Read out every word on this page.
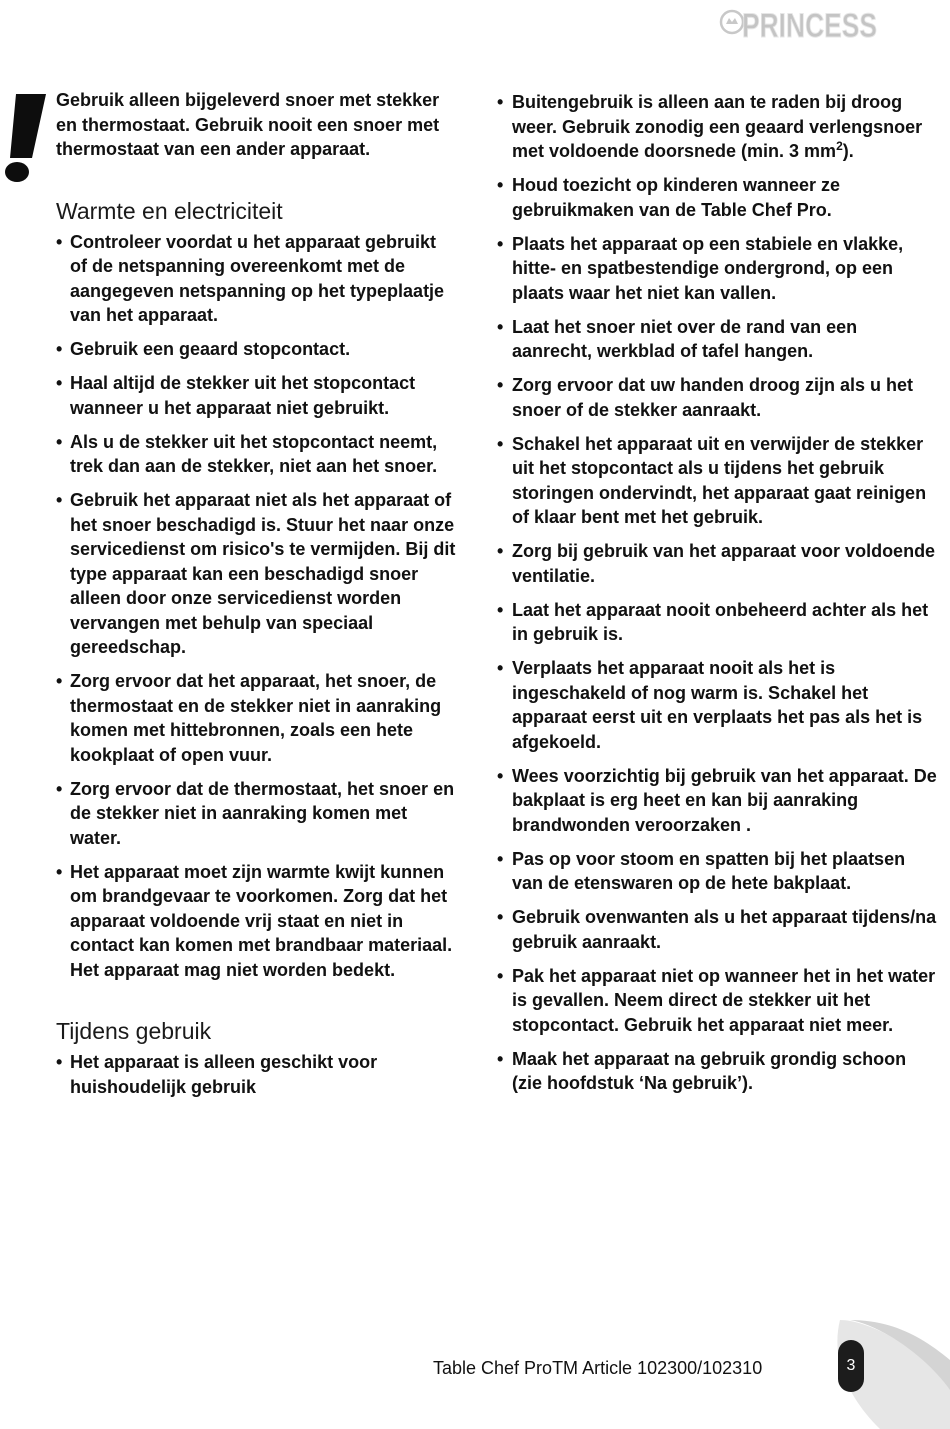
PRINCESS

Gebruik alleen bijgeleverd snoer met stekker en thermostaat. Gebruik nooit een snoer met thermostaat van een ander apparaat.

Warmte en electriciteit
• Controleer voordat u het apparaat gebruikt of de netspanning overeenkomt met de aangegeven netspanning op het typeplaatje van het apparaat.
• Gebruik een geaard stopcontact.
• Haal altijd de stekker uit het stopcontact wanneer u het apparaat niet gebruikt.
• Als u de stekker uit het stopcontact neemt, trek dan aan de stekker, niet aan het snoer.
• Gebruik het apparaat niet als het apparaat of het snoer beschadigd is. Stuur het naar onze servicedienst om risico's te vermijden. Bij dit type apparaat kan een beschadigd snoer alleen door onze servicedienst worden vervangen met behulp van speciaal gereedschap.
• Zorg ervoor dat het apparaat, het snoer, de thermostaat en de stekker niet in aanraking komen met hittebronnen, zoals een hete kookplaat of open vuur.
• Zorg ervoor dat de thermostaat, het snoer en de stekker niet in aanraking komen met water.
• Het apparaat moet zijn warmte kwijt kunnen om brandgevaar te voorkomen. Zorg dat het apparaat voldoende vrij staat en niet in contact kan komen met brandbaar materiaal. Het apparaat mag niet worden bedekt.
Tijdens gebruik
• Het apparaat is alleen geschikt voor huishoudelijk gebruik
• Buitengebruik is alleen aan te raden bij droog weer. Gebruik zonodig een geaard verlengsnoer met voldoende doorsnede (min. 3 $mm^2$).
• Houd toezicht op kinderen wanneer ze gebruikmaken van de Table Chef Pro.
• Plaats het apparaat op een stabiele en vlakke, hitte- en spatbestendige ondergrond, op een plaats waar het niet kan vallen.
• Laat het snoer niet over de rand van een aanrecht, werkblad of tafel hangen.
• Zorg ervoor dat uw handen droog zijn als u het snoer of de stekker aanraakt.
• Schakel het apparaat uit en verwijder de stekker uit het stopcontact als u tijdens het gebruik storingen ondervindt, het apparaat gaat reinigen of klaar bent met het gebruik.
• Zorg bij gebruik van het apparaat voor voldoende ventilatie.
• Laat het apparaat nooit onbeheerd achter als het in gebruik is.
• Verplaats het apparaat nooit als het is ingeschakeld of nog warm is. Schakel het apparaat eerst uit en verplaats het pas als het is afgekoeld.
• Wees voorzichtig bij gebruik van het apparaat. De bakplaat is erg heet en kan bij aanraking brandwonden veroorzaken .
• Pas op voor stoom en spatten bij het plaatsen van de etenswaren op de hete bakplaat.
• Gebruik ovenwanten als u het apparaat tijdens/na gebruik aanraakt.
• Pak het apparaat niet op wanneer het in het water is gevallen. Neem direct de stekker uit het stopcontact. Gebruik het apparaat niet meer.
• Maak het apparaat na gebruik grondig schoon (zie hoofdstuk ‘Na gebruik’).
Table Chef ProTM Article 102300/102310	3
